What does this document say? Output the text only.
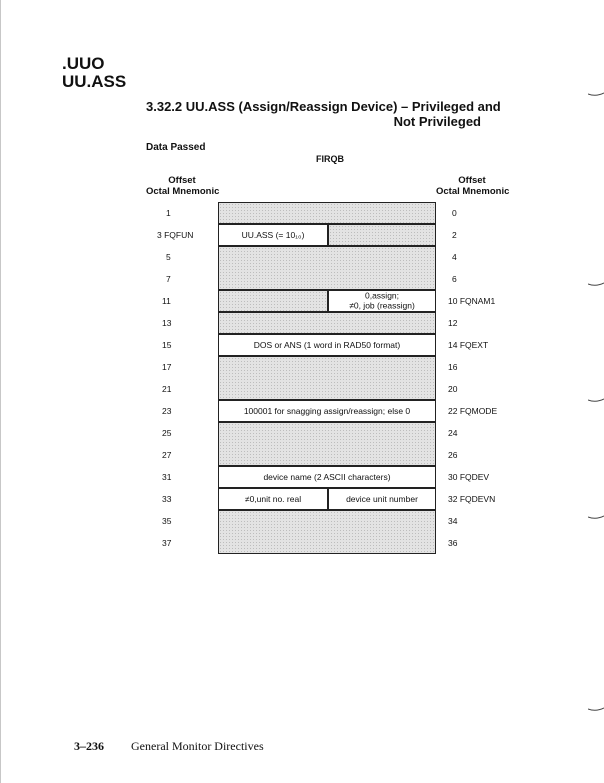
.UUO
UU.ASS
3.32.2 UU.ASS (Assign/Reassign Device) – Privileged and
Not Privileged
Data Passed
FIRQB
Offset
Octal Mnemonic
Offset
Octal Mnemonic
1
3 FQFUN
5
7
11
13
15
17
21
23
25
27
31
33
35
37
0
2
4
6
10 FQNAM1
12
14 FQEXT
16
20
22 FQMODE
24
26
30 FQDEV
32 FQDEVN
34
36
UU.ASS (= 10₁₀)
0,assign;
≠0, job (reassign)
DOS or ANS (1 word in RAD50 format)
100001 for snagging assign/reassign; else 0
device name (2 ASCII characters)
≠0,unit no. real	device unit number
3–236 General Monitor Directives
